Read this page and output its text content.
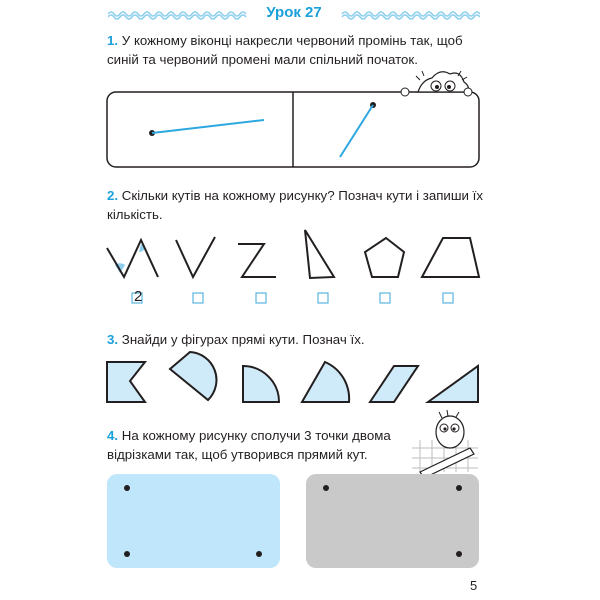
Урок 27
1. У кожному віконці накресли червоний промінь так, щоб синій та червоний промені мали спільний початок.
2. Скільки кутів на кожному рисунку? Познач кути і запиши їх кількість.
3. Знайди у фігурах прямі кути. Познач їх.
4. На кожному рисунку сполучи 3 точки двома відрізками так, щоб утворився прямий кут.
2
5
